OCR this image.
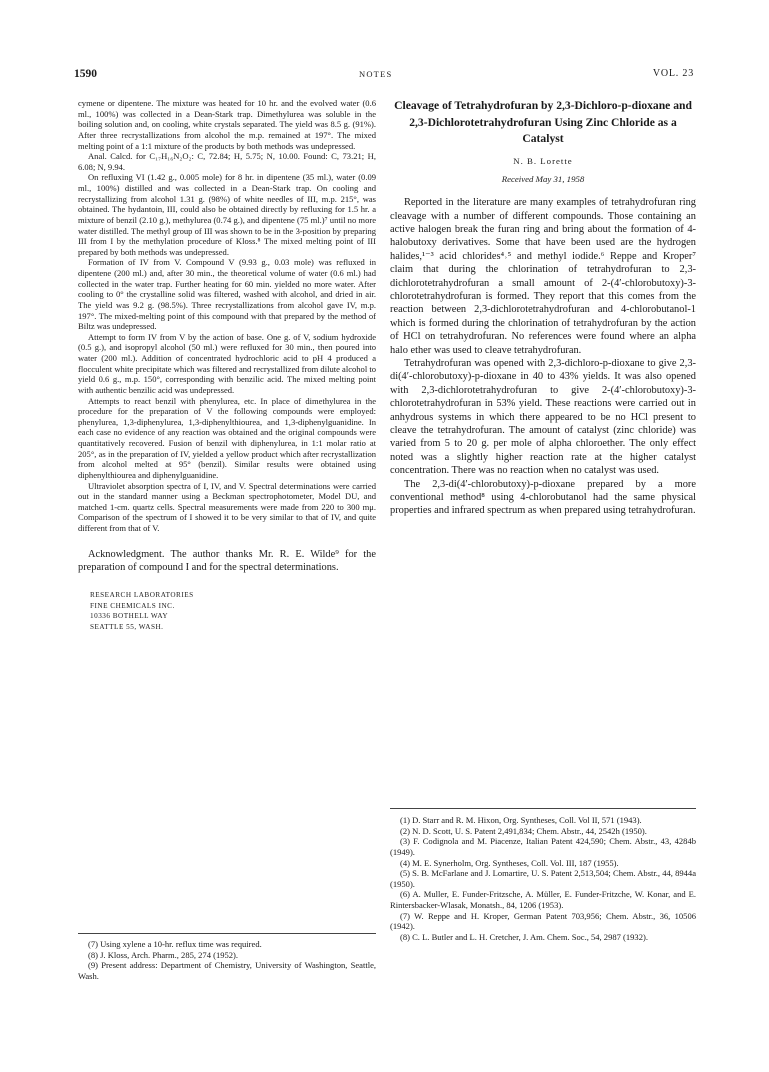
1590	NOTES	VOL. 23

cymene or dipentene. The mixture was heated for 10 hr. and the evolved water (0.6 ml., 100%) was collected in a Dean-Stark trap. Dimethylurea was soluble in the boiling solution and, on cooling, white crystals separated. The yield was 8.5 g. (91%). After three recrystallizations from alcohol the m.p. remained at 197°. The mixed melting point of a 1:1 mixture of the products by both methods was undepressed.

Anal. Calcd. for C₁₇H₁₆N₂O₂: C, 72.84; H, 5.75; N, 10.00. Found: C, 73.21; H, 6.08; N, 9.94.

On refluxing VI (1.42 g., 0.005 mole) for 8 hr. in dipentene (35 ml.), water (0.09 ml., 100%) distilled and was collected in a Dean-Stark trap. On cooling and recrystallizing from alcohol 1.31 g. (98%) of white needles of III, m.p. 215°, was obtained. The hydantoin, III, could also be obtained directly by refluxing for 1.5 hr. a mixture of benzil (2.10 g.), methylurea (0.74 g.), and dipentene (75 ml.)⁷ until no more water distilled. The methyl group of III was shown to be in the 3-position by preparing III from I by the methylation procedure of Kloss.⁸ The mixed melting point of III prepared by both methods was undepressed.

Formation of IV from V. Compound V (9.93 g., 0.03 mole) was refluxed in dipentene (200 ml.) and, after 30 min., the theoretical volume of water (0.6 ml.) had collected in the water trap. Further heating for 60 min. yielded no more water. After cooling to 0° the crystalline solid was filtered, washed with alcohol, and dried in air. The yield was 9.2 g. (98.5%). Three recrystallizations from alcohol gave IV, m.p. 197°. The mixed-melting point of this compound with that prepared by the method of Biltz was undepressed.

Attempt to form IV from V by the action of base. One g. of V, sodium hydroxide (0.5 g.), and isopropyl alcohol (50 ml.) were refluxed for 30 min., then poured into water (200 ml.). Addition of concentrated hydrochloric acid to pH 4 produced a flocculent white precipitate which was filtered and recrystallized from dilute alcohol to yield 0.6 g., m.p. 150°, corresponding with benzilic acid. The mixed melting point with authentic benzilic acid was undepressed.

Attempts to react benzil with phenylurea, etc. In place of dimethylurea in the procedure for the preparation of V the following compounds were employed: phenylurea, 1,3-diphenylurea, 1,3-diphenylthiourea, and 1,3-diphenylguanidine. In each case no evidence of any reaction was obtained and the original compounds were quantitatively recovered. Fusion of benzil with diphenylurea, in 1:1 molar ratio at 205°, as in the preparation of IV, yielded a yellow product which after recrystallization from alcohol melted at 95° (benzil). Similar results were obtained using diphenylthiourea and diphenylguanidine.

Ultraviolet absorption spectra of I, IV, and V. Spectral determinations were carried out in the standard manner using a Beckman spectrophotometer, Model DU, and matched 1-cm. quartz cells. Spectral measurements were made from 220 to 300 mμ. Comparison of the spectrum of I showed it to be very similar to that of IV, and quite different from that of V.

Acknowledgment. The author thanks Mr. R. E. Wilde⁹ for the preparation of compound I and for the spectral determinations.

RESEARCH LABORATORIES
FINE CHEMICALS INC.
10336 BOTHELL WAY
SEATTLE 55, WASH.

(7) Using xylene a 10-hr. reflux time was required.

(8) J. Kloss, Arch. Pharm., 285, 274 (1952).

(9) Present address: Department of Chemistry, University of Washington, Seattle, Wash.

Cleavage of Tetrahydrofuran by 2,3-Dichloro-p-dioxane and 2,3-Dichlorotetrahydrofuran Using Zinc Chloride as a Catalyst
N. B. Lorette
Received May 31, 1958

Reported in the literature are many examples of tetrahydrofuran ring cleavage with a number of different compounds. Those containing an active halogen break the furan ring and bring about the formation of 4-halobutoxy derivatives. Some that have been used are the hydrogen halides,¹⁻³ acid chlorides⁴˒⁵ and methyl iodide.⁶ Reppe and Kroper⁷ claim that during the chlorination of tetrahydrofuran to 2,3-dichlorotetrahydrofuran a small amount of 2-(4′-chlorobutoxy)-3-chlorotetrahydrofuran is formed. They report that this comes from the reaction between 2,3-dichlorotetrahydrofuran and 4-chlorobutanol-1 which is formed during the chlorination of tetrahydrofuran by the action of HCl on tetrahydrofuran. No references were found where an alpha halo ether was used to cleave tetrahydrofuran.

Tetrahydrofuran was opened with 2,3-dichloro-p-dioxane to give 2,3-di(4′-chlorobutoxy)-p-dioxane in 40 to 43% yields. It was also opened with 2,3-dichlorotetrahydrofuran to give 2-(4′-chlorobutoxy)-3-chlorotetrahydrofuran in 53% yield. These reactions were carried out in anhydrous systems in which there appeared to be no HCl present to cleave the tetrahydrofuran. The amount of catalyst (zinc chloride) was varied from 5 to 20 g. per mole of alpha chloroether. The only effect noted was a slightly higher reaction rate at the higher catalyst concentration. There was no reaction when no catalyst was used.

The 2,3-di(4′-chlorobutoxy)-p-dioxane prepared by a more conventional method⁸ using 4-chlorobutanol had the same physical properties and infrared spectrum as when prepared using tetrahydrofuran.

(1) D. Starr and R. M. Hixon, Org. Syntheses, Coll. Vol II, 571 (1943).

(2) N. D. Scott, U. S. Patent 2,491,834; Chem. Abstr., 44, 2542h (1950).

(3) F. Codignola and M. Piacenze, Italian Patent 424,590; Chem. Abstr., 43, 4284b (1949).

(4) M. E. Synerholm, Org. Syntheses, Coll. Vol. III, 187 (1955).

(5) S. B. McFarlane and J. Lomartire, U. S. Patent 2,513,504; Chem. Abstr., 44, 8944a (1950).

(6) A. Muller, E. Funder-Fritzsche, A. Müller, E. Funder-Fritzche, W. Konar, and E. Rintersbacker-Wlasak, Monatsh., 84, 1206 (1953).

(7) W. Reppe and H. Kroper, German Patent 703,956; Chem. Abstr., 36, 10506 (1942).

(8) C. L. Butler and L. H. Cretcher, J. Am. Chem. Soc., 54, 2987 (1932).
